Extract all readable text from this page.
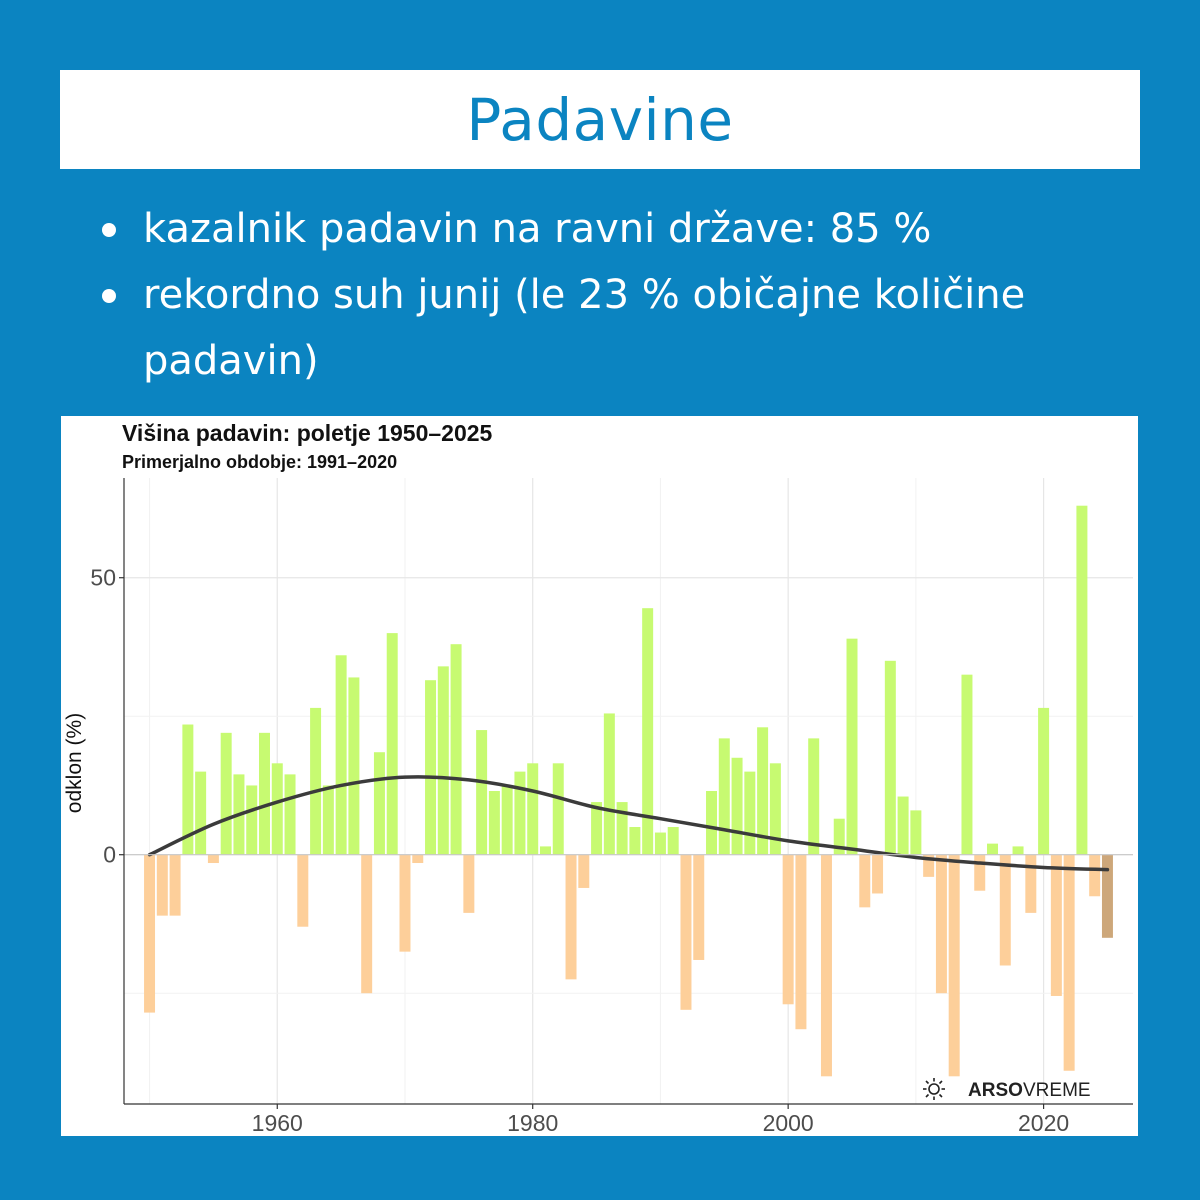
Padavine
kazalnik padavin na ravni države: 85 %
rekordno suh junij (le 23 % običajne količine padavin)
1960	1980	2000	2020
0
50
Višina padavin: poletje 1950–2025
Primerjalno obdobje: 1991–2020
odklon (%)
ARSO VREME
